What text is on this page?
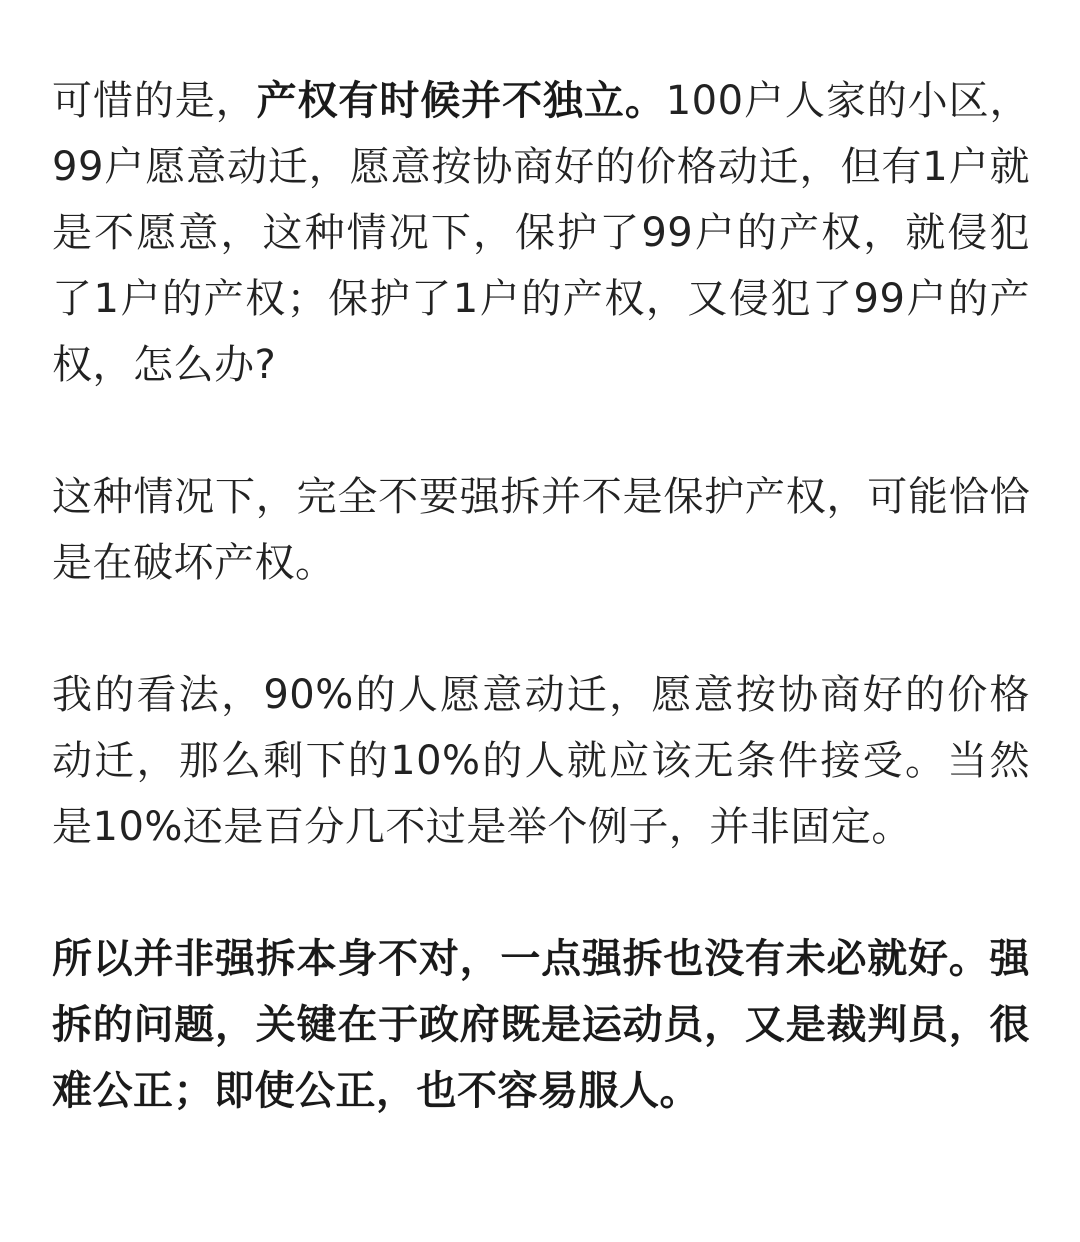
可惜的是，产权有时候并不独立。100户人家的小区，99户愿意动迁，愿意按协商好的价格动迁，但有1户就是不愿意，这种情况下，保护了99户的产权，就侵犯了1户的产权；保护了1户的产权，又侵犯了99户的产权，怎么办?

这种情况下，完全不要强拆并不是保护产权，可能恰恰是在破坏产权。

我的看法，90%的人愿意动迁，愿意按协商好的价格动迁，那么剩下的10%的人就应该无条件接受。当然是10%还是百分几不过是举个例子，并非固定。

所以并非强拆本身不对，一点强拆也没有未必就好。强拆的问题，关键在于政府既是运动员，又是裁判员，很难公正；即使公正，也不容易服人。
